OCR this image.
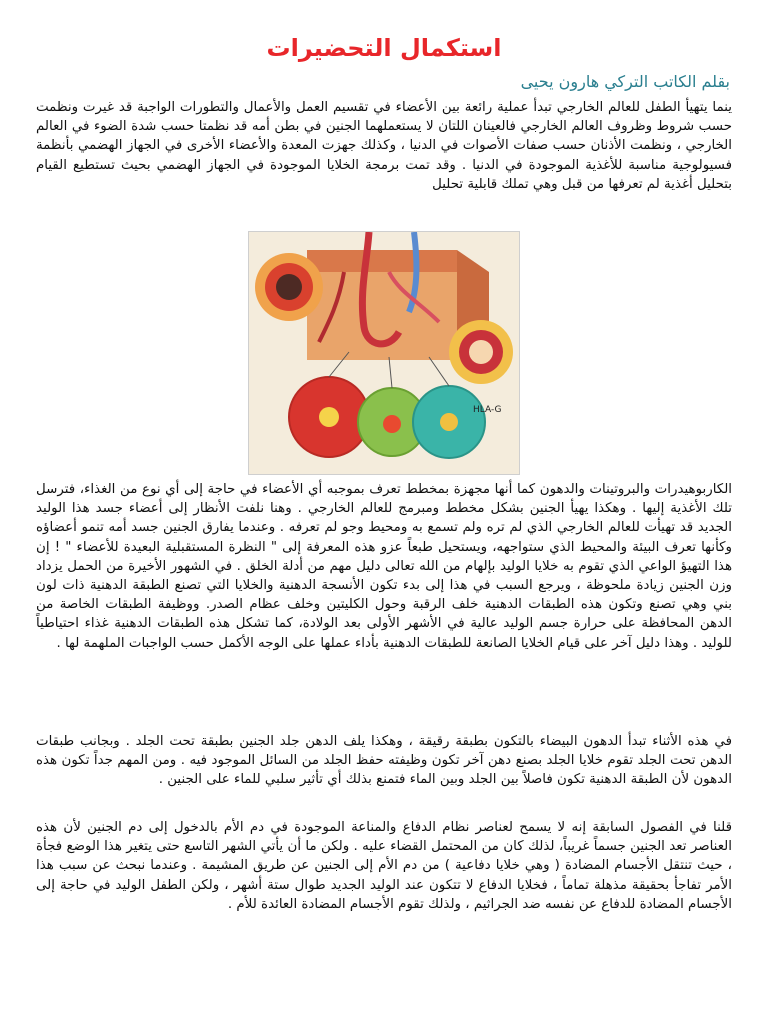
استكمال التحضيرات

بقلم الكاتب التركي هارون يحيى

ينما يتهيأ الطفل للعالم الخارجي تبدأ عملية رائعة بين الأعضاء في تقسيم العمل والأعمال والتطورات الواجبة قد غيرت ونظمت حسب شروط وظروف العالم الخارجي فالعينان اللتان لا يستعملهما الجنين في بطن أمه قد نظمتا حسب شدة الضوء في العالم الخارجي ، ونظمت الأذنان حسب صفات الأصوات في الدنيا ، وكذلك جهزت المعدة والأعضاء الأخرى في الجهاز الهضمي بأنظمة فسيولوجية مناسبة للأغذية الموجودة في الدنيا . وقد تمت برمجة الخلايا الموجودة في الجهاز الهضمي بحيث تستطيع القيام بتحليل أغذية لم تعرفها من قبل وهي تملك قابلية تحليل

HLA-G

الكاربوهيدرات والبروتينات والدهون كما أنها مجهزة بمخطط تعرف بموجبه أي الأعضاء في حاجة إلى أي نوع من الغذاء، فترسل تلك الأغذية إليها . وهكذا يهيأ الجنين بشكل مخطط ومبرمج للعالم الخارجي . وهنا نلفت الأنظار إلى أعضاء جسد هذا الوليد الجديد قد تهيأت للعالم الخارجي الذي لم تره ولم تسمع به ومحيط وجو لم تعرفه . وعندما يفارق الجنين جسد أمه تنمو أعضاؤه وكأنها تعرف البيئة والمحيط الذي ستواجهه، ويستحيل طبعاً عزو هذه المعرفة إلى " النظرة المستقبلية البعيدة للأعضاء " ! إن هذا التهيؤ الواعي الذي تقوم به خلايا الوليد بإلهام من الله تعالى دليل مهم من أدلة الخلق . في الشهور الأخيرة من الحمل يزداد وزن الجنين زيادة ملحوظة ، ويرجع السبب في هذا إلى بدء تكون الأنسجة الدهنية والخلايا التي تصنع الطبقة الدهنية ذات لون بني وهي تصنع وتكون هذه الطبقات الدهنية خلف الرقبة وحول الكليتين وخلف عظام الصدر. ووظيفة الطبقات الخاصة من الدهن المحافظة على حرارة جسم الوليد عالية في الأشهر الأولى بعد الولادة، كما تشكل هذه الطبقات الدهنية غذاء احتياطياً للوليد . وهذا دليل آخر على قيام الخلايا الصانعة للطبقات الدهنية بأداء عملها على الوجه الأكمل حسب الواجبات الملهمة لها .

في هذه الأثناء تبدأ الدهون البيضاء بالتكون بطبقة رقيقة ، وهكذا يلف الدهن جلد الجنين بطبقة تحت الجلد . وبجانب طبقات الدهن تحت الجلد تقوم خلايا الجلد بصنع دهن آخر تكون وظيفته حفظ الجلد من السائل الموجود فيه . ومن المهم جداً تكون هذه الدهون لأن الطبقة الدهنية تكون فاصلاً بين الجلد وبين الماء فتمنع بذلك أي تأثير سلبي للماء على الجنين .

قلنا في الفصول السابقة إنه لا يسمح لعناصر نظام الدفاع والمناعة الموجودة في دم الأم بالدخول إلى دم الجنين لأن هذه العناصر تعد الجنين جسماً غريباً، لذلك كان من المحتمل القضاء عليه . ولكن ما أن يأتي الشهر التاسع حتى يتغير هذا الوضع فجأة ، حيث تنتقل الأجسام المضادة ( وهي خلايا دفاعية ) من دم الأم إلى الجنين عن طريق المشيمة . وعندما نبحث عن سبب هذا الأمر تفاجأ بحقيقة مذهلة تماماً ، فخلايا الدفاع لا تتكون عند الوليد الجديد طوال ستة أشهر ، ولكن الطفل الوليد في حاجة إلى الأجسام المضادة للدفاع عن نفسه ضد الجراثيم ، ولذلك تقوم الأجسام المضادة العائدة للأم .
